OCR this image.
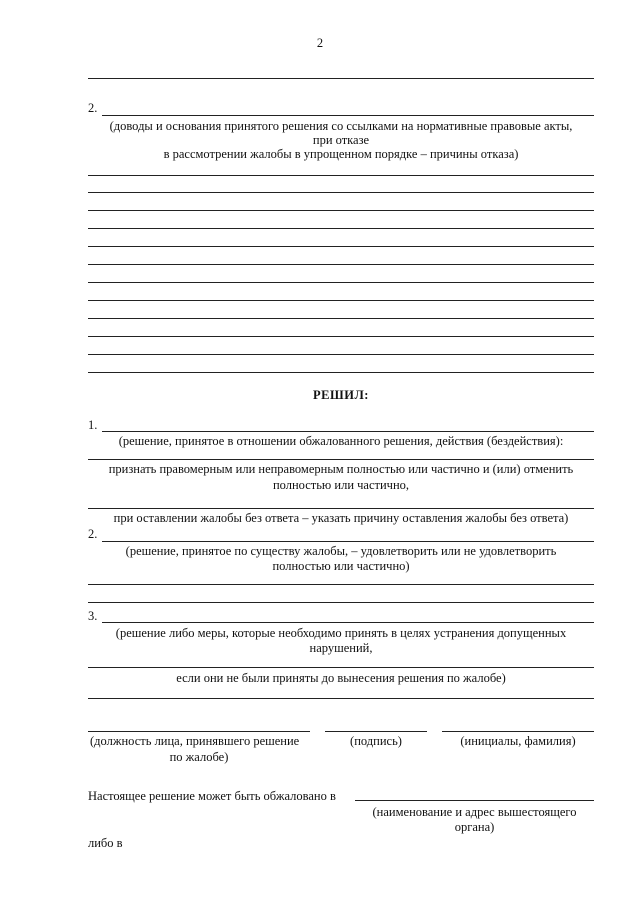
2
2.
(доводы и основания принятого решения со ссылками на нормативные правовые акты,
при отказе
в рассмотрении жалобы в упрощенном порядке – причины отказа)
РЕШИЛ:
1.
(решение, принятое в отношении обжалованного решения, действия (бездействия):
признать правомерным или неправомерным полностью или частично и (или) отменить
полностью или частично,
при оставлении жалобы без ответа – указать причину оставления жалобы без ответа)
2.
(решение, принятое по существу жалобы, – удовлетворить или не удовлетворить
полностью или частично)
3.
(решение либо меры, которые необходимо принять в целях устранения допущенных
нарушений,
если они не были приняты до вынесения решения по жалобе)
(должность лица, принявшего решение
по жалобе)
(подпись)	(инициалы, фамилия)
Настоящее решение может быть обжаловано в
(наименование и адрес вышестоящего
органа)
либо в
